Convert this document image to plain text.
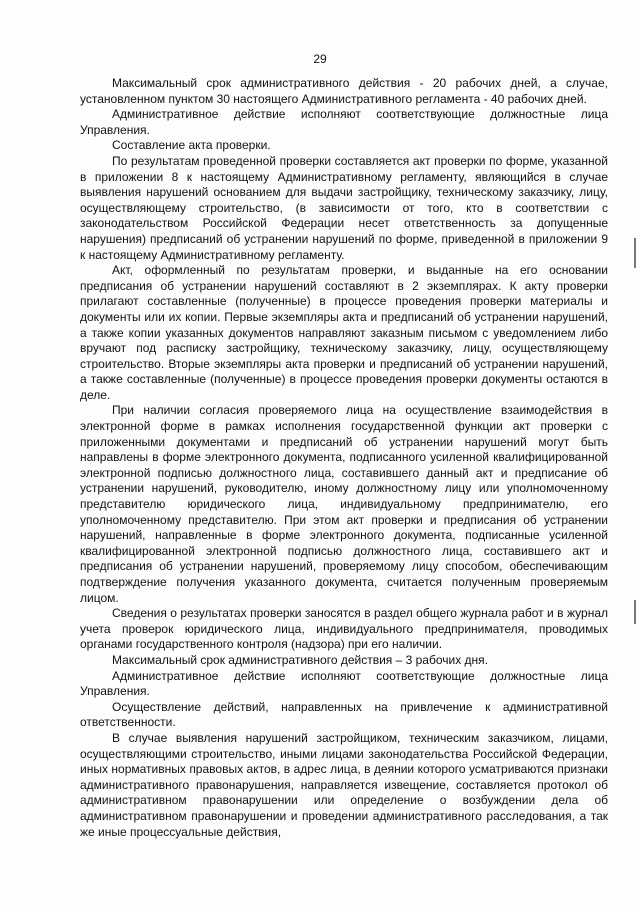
29

Максимальный срок административного действия - 20 рабочих дней, а случае, установленном пунктом 30 настоящего Административного регламента - 40 рабочих дней.

Административное действие исполняют соответствующие должностные лица Управления.

Составление акта проверки.

По результатам проведенной проверки составляется акт проверки по форме, указанной в приложении 8 к настоящему Административному регламенту, являющийся в случае выявления нарушений основанием для выдачи застройщику, техническому заказчику, лицу, осуществляющему строительство, (в зависимости от того, кто в соответствии с законодательством Российской Федерации несет ответственность за допущенные нарушения) предписаний об устранении нарушений по форме, приведенной в приложении 9 к настоящему Административному регламенту.

Акт, оформленный по результатам проверки, и выданные на его основании предписания об устранении нарушений составляют в 2 экземплярах. К акту проверки прилагают составленные (полученные) в процессе проведения проверки материалы и документы или их копии. Первые экземпляры акта и предписаний об устранении нарушений, а также копии указанных документов направляют заказным письмом с уведомлением либо вручают под расписку застройщику, техническому заказчику, лицу, осуществляющему строительство. Вторые экземпляры акта проверки и предписаний об устранении нарушений, а также составленные (полученные) в процессе проведения проверки документы остаются в деле.

При наличии согласия проверяемого лица на осуществление взаимодействия в электронной форме в рамках исполнения государственной функции акт проверки с приложенными документами и предписаний об устранении нарушений могут быть направлены в форме электронного документа, подписанного усиленной квалифицированной электронной подписью должностного лица, составившего данный акт и предписание об устранении нарушений, руководителю, иному должностному лицу или уполномоченному представителю юридического лица, индивидуальному предпринимателю, его уполномоченному представителю. При этом акт проверки и предписания об устранении нарушений, направленные в форме электронного документа, подписанные усиленной квалифицированной электронной подписью должностного лица, составившего акт и предписания об устранении нарушений, проверяемому лицу способом, обеспечивающим подтверждение получения указанного документа, считается полученным проверяемым лицом.

Сведения о результатах проверки заносятся в раздел общего журнала работ и в журнал учета проверок юридического лица, индивидуального предпринимателя, проводимых органами государственного контроля (надзора) при его наличии.

Максимальный срок административного действия – 3 рабочих дня.

Административное действие исполняют соответствующие должностные лица Управления.

Осуществление действий, направленных на привлечение к административной ответственности.

В случае выявления нарушений застройщиком, техническим заказчиком, лицами, осуществляющими строительство, иными лицами законодательства Российской Федерации, иных нормативных правовых актов, в адрес лица, в деянии которого усматриваются признаки административного правонарушения, направляется извещение, составляется протокол об административном правонарушении или определение о возбуждении дела об административном правонарушении и проведении административного расследования, а так же иные процессуальные действия,
